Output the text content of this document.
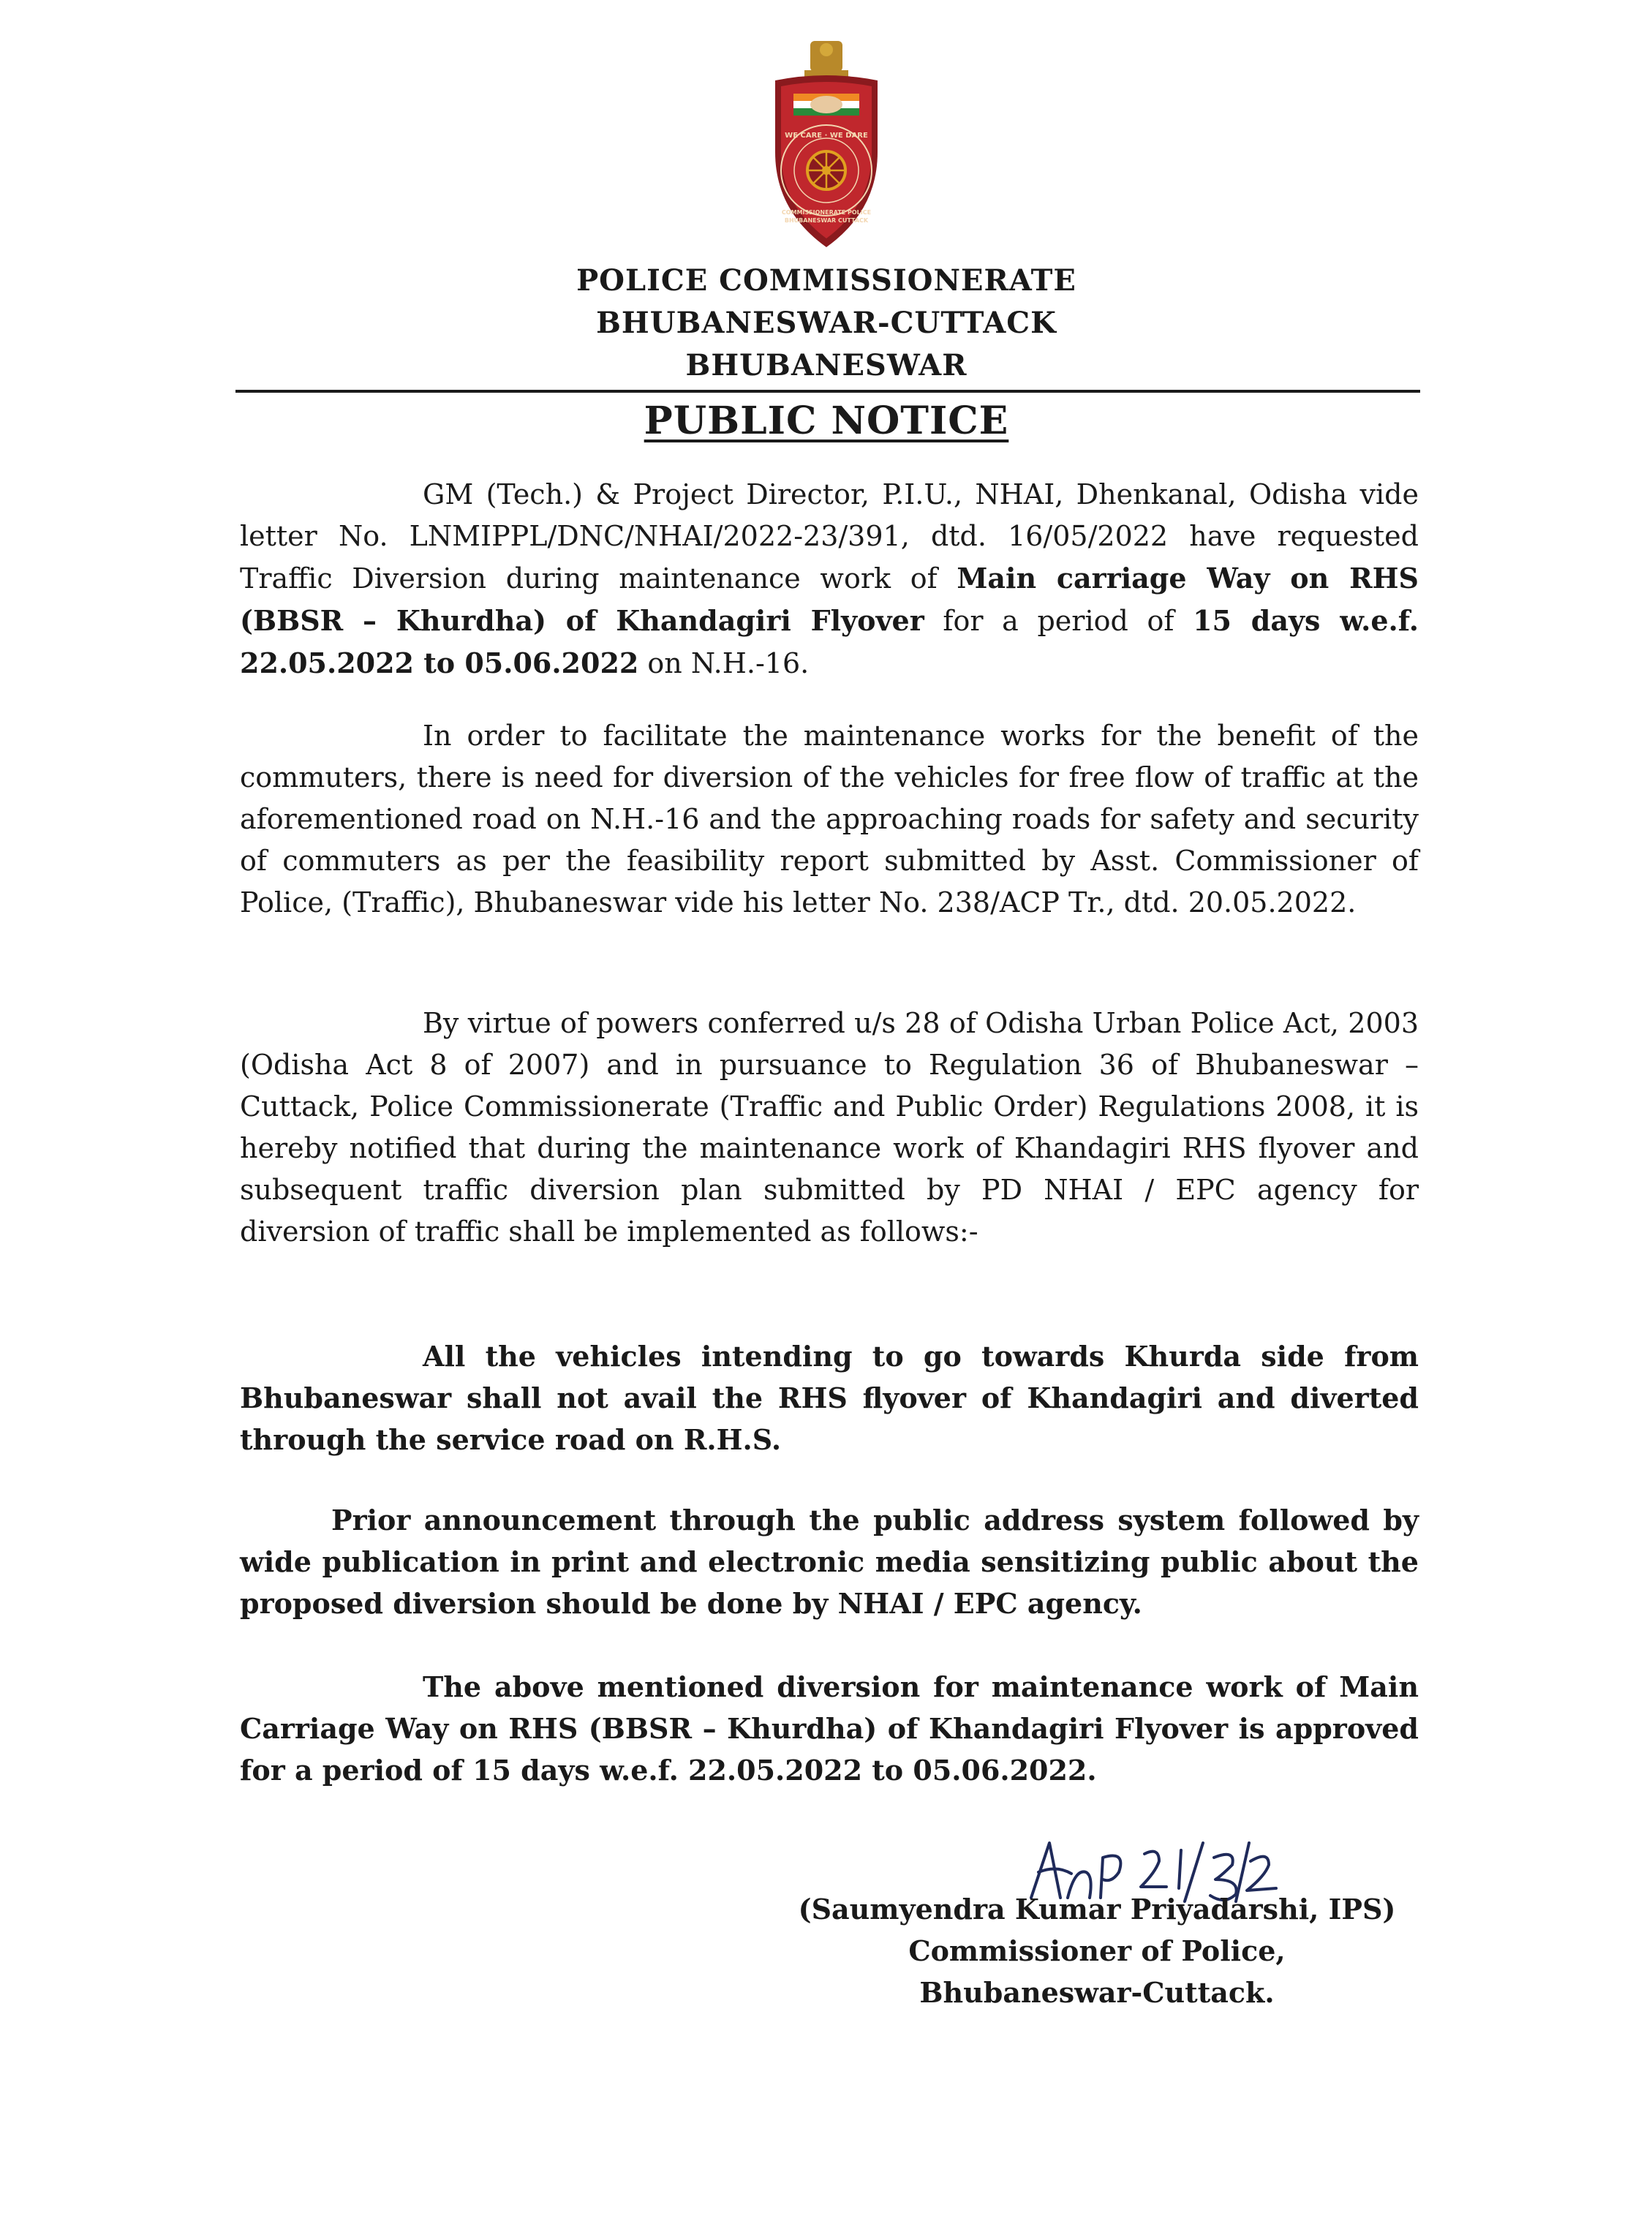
WE CARE · WE DARE
COMMISSIONERATE POLICE
BHUBANESWAR CUTTACK
POLICE COMMISSIONERATE
BHUBANESWAR-CUTTACK
BHUBANESWAR
PUBLIC NOTICE
GM (Tech.) & Project Director, P.I.U., NHAI, Dhenkanal, Odisha vide letter No. LNMIPPL/DNC/NHAI/2022-23/391, dtd. 16/05/2022 have requested Traffic Diversion during maintenance work of Main carriage Way on RHS (BBSR – Khurdha) of Khandagiri Flyover for a period of 15 days w.e.f. 22.05.2022 to 05.06.2022 on N.H.-16.
In order to facilitate the maintenance works for the benefit of the commuters, there is need for diversion of the vehicles for free flow of traffic at the aforementioned road on N.H.-16 and the approaching roads for safety and security of commuters as per the feasibility report submitted by Asst. Commissioner of Police, (Traffic), Bhubaneswar vide his letter No. 238/ACP Tr., dtd. 20.05.2022.
By virtue of powers conferred u/s 28 of Odisha Urban Police Act, 2003 (Odisha Act 8 of 2007) and in pursuance to Regulation 36 of Bhubaneswar – Cuttack, Police Commissionerate (Traffic and Public Order) Regulations 2008, it is hereby notified that during the maintenance work of Khandagiri RHS flyover and subsequent traffic diversion plan submitted by PD NHAI / EPC agency for diversion of traffic shall be implemented as follows:-
All the vehicles intending to go towards Khurda side from Bhubaneswar shall not avail the RHS flyover of Khandagiri and diverted through the service road on R.H.S.
Prior announcement through the public address system followed by wide publication in print and electronic media sensitizing public about the proposed diversion should be done by NHAI / EPC agency.
The above mentioned diversion for maintenance work of Main Carriage Way on RHS (BBSR – Khurdha) of Khandagiri Flyover is approved for a period of 15 days w.e.f. 22.05.2022 to 05.06.2022.
(Saumyendra Kumar Priyadarshi, IPS)
Commissioner of Police,
Bhubaneswar-Cuttack.
